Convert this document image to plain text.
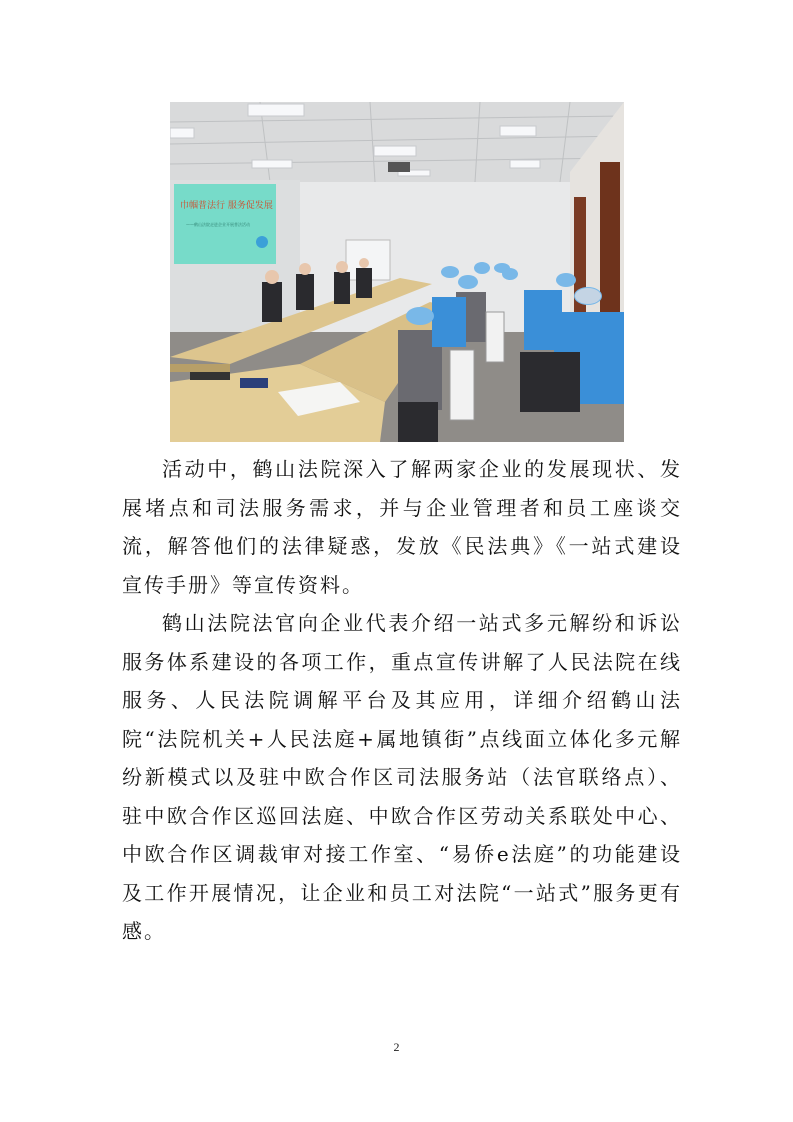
巾帼普法行 服务促发展
——鹤山法院走进企业开展普法活动

活动中，鹤山法院深入了解两家企业的发展现状、发展堵点和司法服务需求，并与企业管理者和员工座谈交流，解答他们的法律疑惑，发放《民法典》《一站式建设宣传手册》等宣传资料。

鹤山法院法官向企业代表介绍一站式多元解纷和诉讼服务体系建设的各项工作，重点宣传讲解了人民法院在线服务、人民法院调解平台及其应用，详细介绍鹤山法院“法院机关+人民法庭+属地镇街”点线面立体化多元解纷新模式以及驻中欧合作区司法服务站（法官联络点）、驻中欧合作区巡回法庭、中欧合作区劳动关系联处中心、中欧合作区调裁审对接工作室、“易侨e法庭”的功能建设及工作开展情况，让企业和员工对法院“一站式”服务更有感。

2
